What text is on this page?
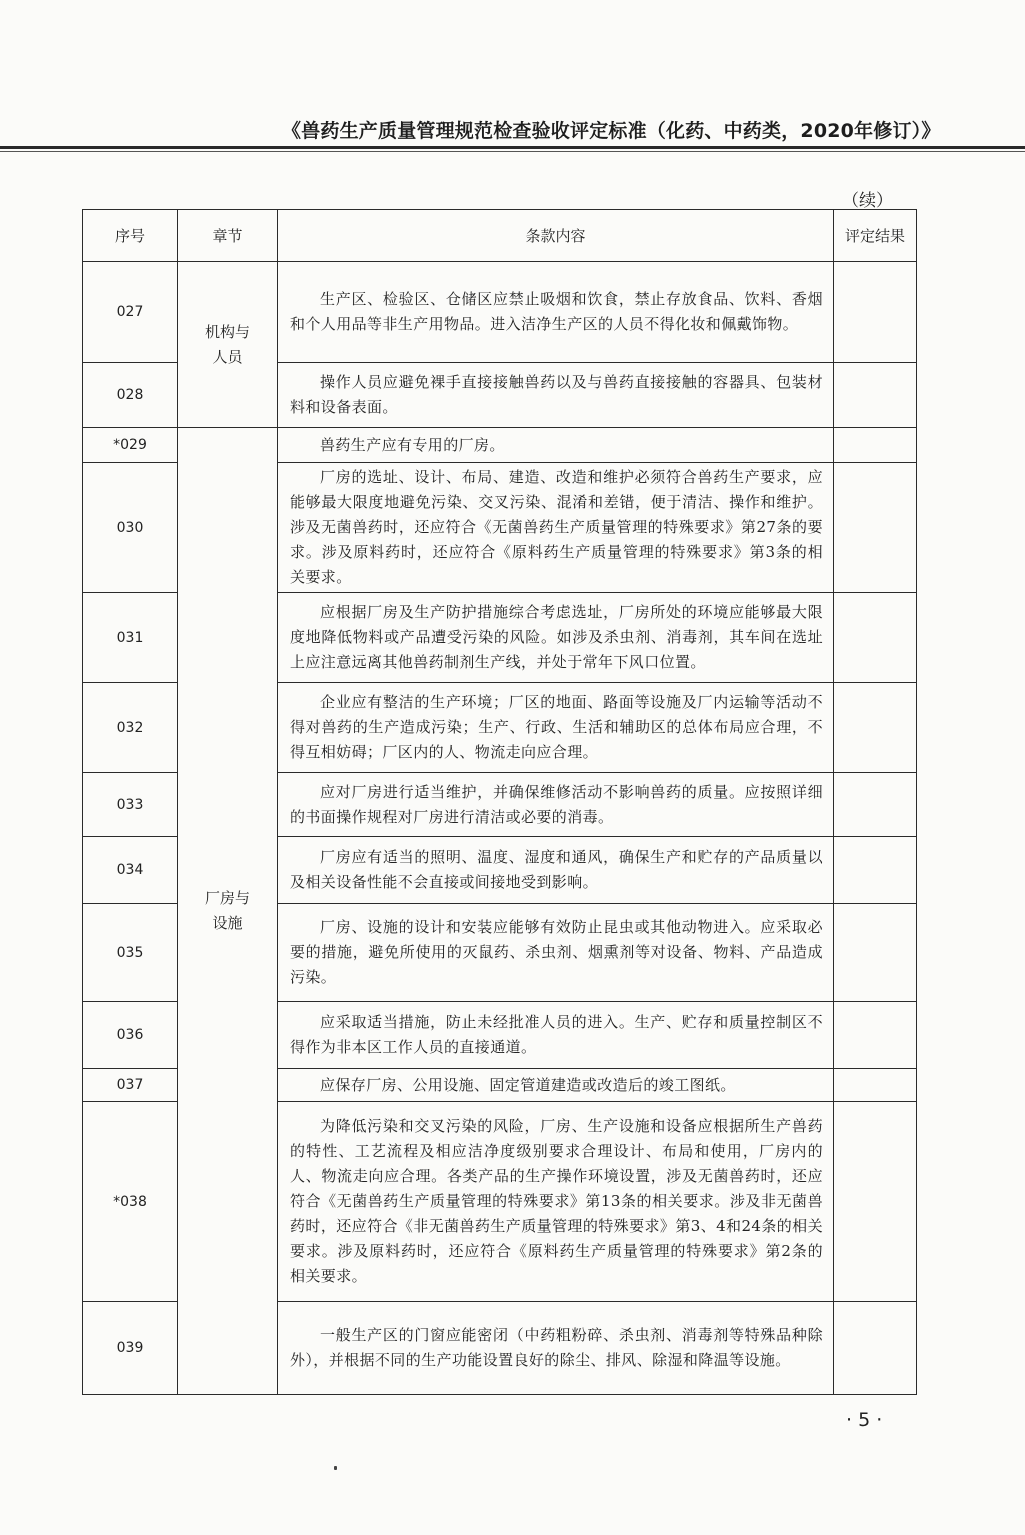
《兽药生产质量管理规范检查验收评定标准（化药、中药类，2020年修订）》
（续）
序号	章节	条款内容	评定结果
027	机构与人员	生产区、检验区、仓储区应禁止吸烟和饮食，禁止存放食品、饮料、香烟和个人用品等非生产用物品。进入洁净生产区的人员不得化妆和佩戴饰物。	

028		操作人员应避免裸手直接接触兽药以及与兽药直接接触的容器具、包装材料和设备表面。	

*029	厂房与设施	兽药生产应有专用的厂房。	

030		厂房的选址、设计、布局、建造、改造和维护必须符合兽药生产要求，应能够最大限度地避免污染、交叉污染、混淆和差错，便于清洁、操作和维护。涉及无菌兽药时，还应符合《无菌兽药生产质量管理的特殊要求》第27条的要求。涉及原料药时，还应符合《原料药生产质量管理的特殊要求》第3条的相关要求。	

031		应根据厂房及生产防护措施综合考虑选址，厂房所处的环境应能够最大限度地降低物料或产品遭受污染的风险。如涉及杀虫剂、消毒剂，其车间在选址上应注意远离其他兽药制剂生产线，并处于常年下风口位置。	

032		企业应有整洁的生产环境；厂区的地面、路面等设施及厂内运输等活动不得对兽药的生产造成污染；生产、行政、生活和辅助区的总体布局应合理，不得互相妨碍；厂区内的人、物流走向应合理。	

033		应对厂房进行适当维护，并确保维修活动不影响兽药的质量。应按照详细的书面操作规程对厂房进行清洁或必要的消毒。	

034		厂房应有适当的照明、温度、湿度和通风，确保生产和贮存的产品质量以及相关设备性能不会直接或间接地受到影响。	

035		厂房、设施的设计和安装应能够有效防止昆虫或其他动物进入。应采取必要的措施，避免所使用的灭鼠药、杀虫剂、烟熏剂等对设备、物料、产品造成污染。	

036		应采取适当措施，防止未经批准人员的进入。生产、贮存和质量控制区不得作为非本区工作人员的直接通道。	

037		应保存厂房、公用设施、固定管道建造或改造后的竣工图纸。	

*038		为降低污染和交叉污染的风险，厂房、生产设施和设备应根据所生产兽药的特性、工艺流程及相应洁净度级别要求合理设计、布局和使用，厂房内的人、物流走向应合理。各类产品的生产操作环境设置，涉及无菌兽药时，还应符合《无菌兽药生产质量管理的特殊要求》第13条的相关要求。涉及非无菌兽药时，还应符合《非无菌兽药生产质量管理的特殊要求》第3、4和24条的相关要求。涉及原料药时，还应符合《原料药生产质量管理的特殊要求》第2条的相关要求。	

039		一般生产区的门窗应能密闭（中药粗粉碎、杀虫剂、消毒剂等特殊品种除外），并根据不同的生产功能设置良好的除尘、排风、除湿和降温等设施。	

· 5 ·
